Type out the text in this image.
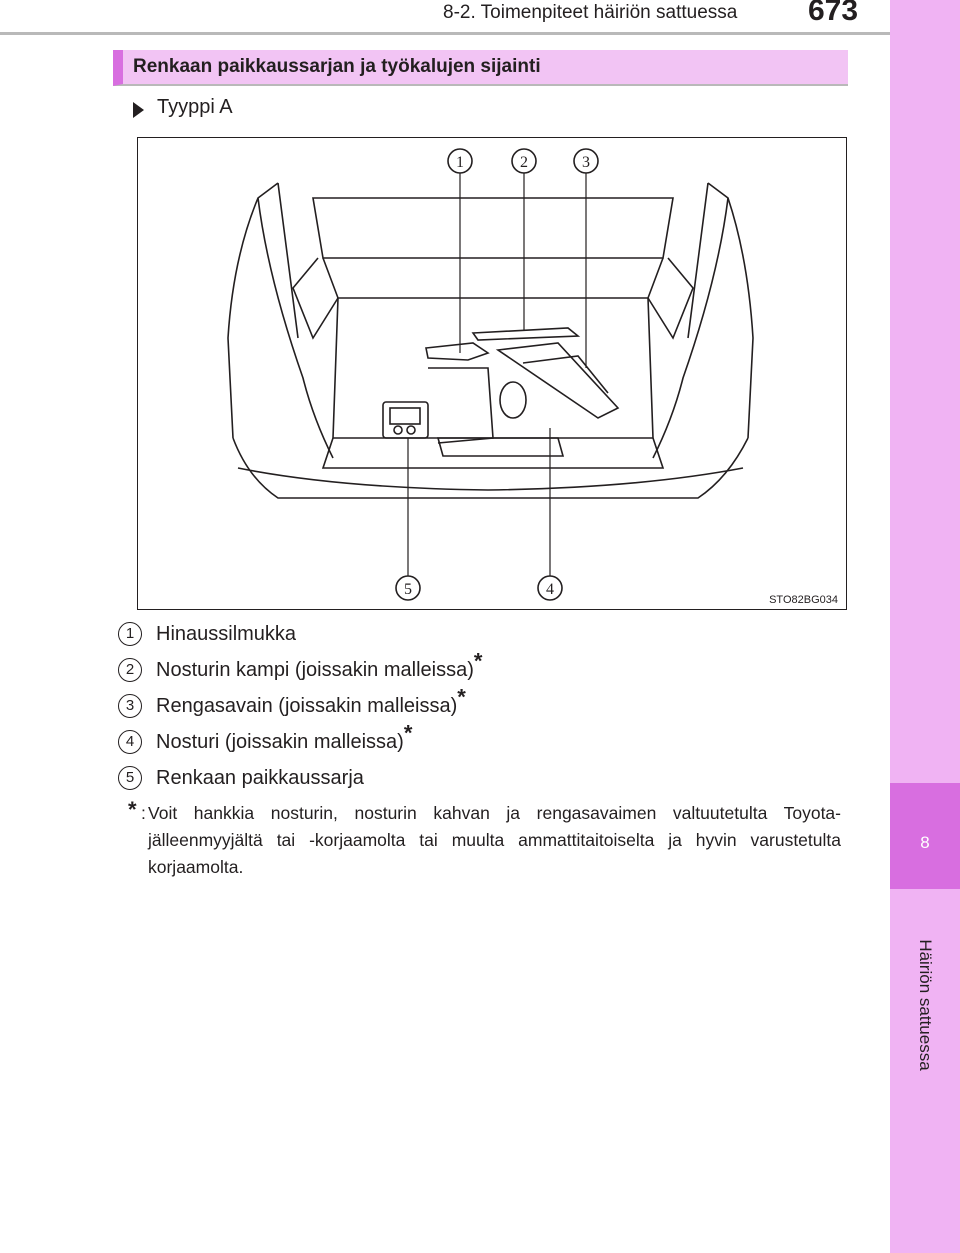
8-2. Toimenpiteet häiriön sattuessa 673
8
Häiriön sattuessa
Renkaan paikkaussarjan ja työkalujen sijainti
Tyyppi A
1	2	3
4
5
STO82BG034
1 Hinaussilmukka
2 Nosturin kampi (joissakin malleissa)*
3 Rengasavain (joissakin malleissa)*
4 Nosturi (joissakin malleissa)*
5 Renkaan paikkaussarja
* : Voit hankkia nosturin, nosturin kahvan ja rengasavaimen valtuutetulta Toyota-jälleenmyyjältä tai -korjaamolta tai muulta ammattitaitoiselta ja hyvin varustetulta korjaamolta.
